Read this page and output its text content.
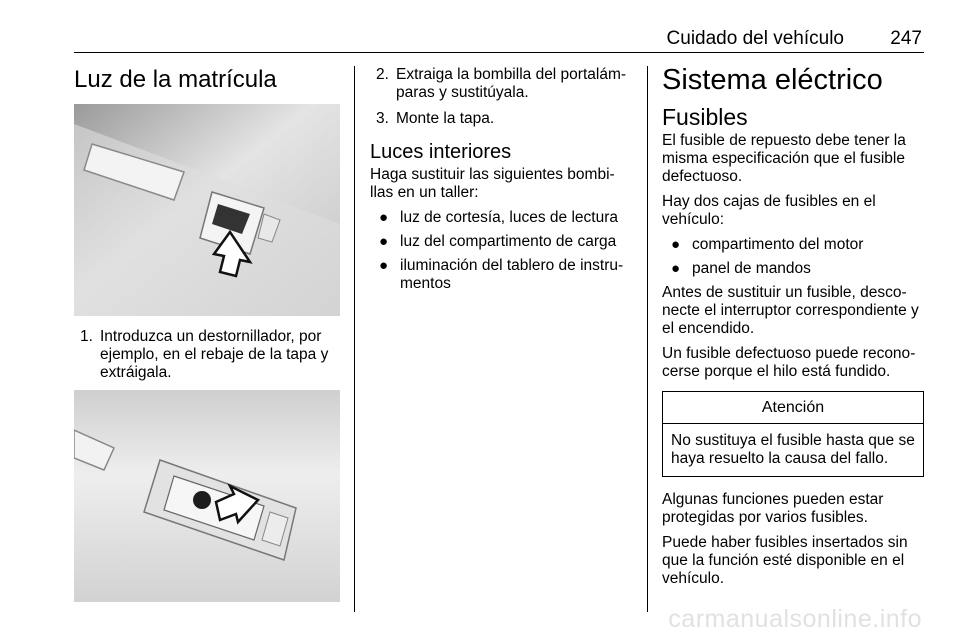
Cuidado del vehículo 247
Luz de la matrícula
1. Introduzca un destornillador, por ejemplo, en el rebaje de la tapa y extráigala.
2. Extraiga la bombilla del portalámparas y sustitúyala.
3. Monte la tapa.
Luces interiores

Haga sustituir las siguientes bombillas en un taller:

● luz de cortesía, luces de lectura
● luz del compartimento de carga
● iluminación del tablero de instrumentos
Sistema eléctrico
Fusibles

El fusible de repuesto debe tener la misma especificación que el fusible defectuoso.

Hay dos cajas de fusibles en el vehículo:

● compartimento del motor
● panel de mandos

Antes de sustituir un fusible, desconecte el interruptor correspondiente y el encendido.

Un fusible defectuoso puede reconocerse porque el hilo está fundido.

Atención
No sustituya el fusible hasta que se haya resuelto la causa del fallo.

Algunas funciones pueden estar protegidas por varios fusibles.

Puede haber fusibles insertados sin que la función esté disponible en el vehículo.

carmanualsonline.info
